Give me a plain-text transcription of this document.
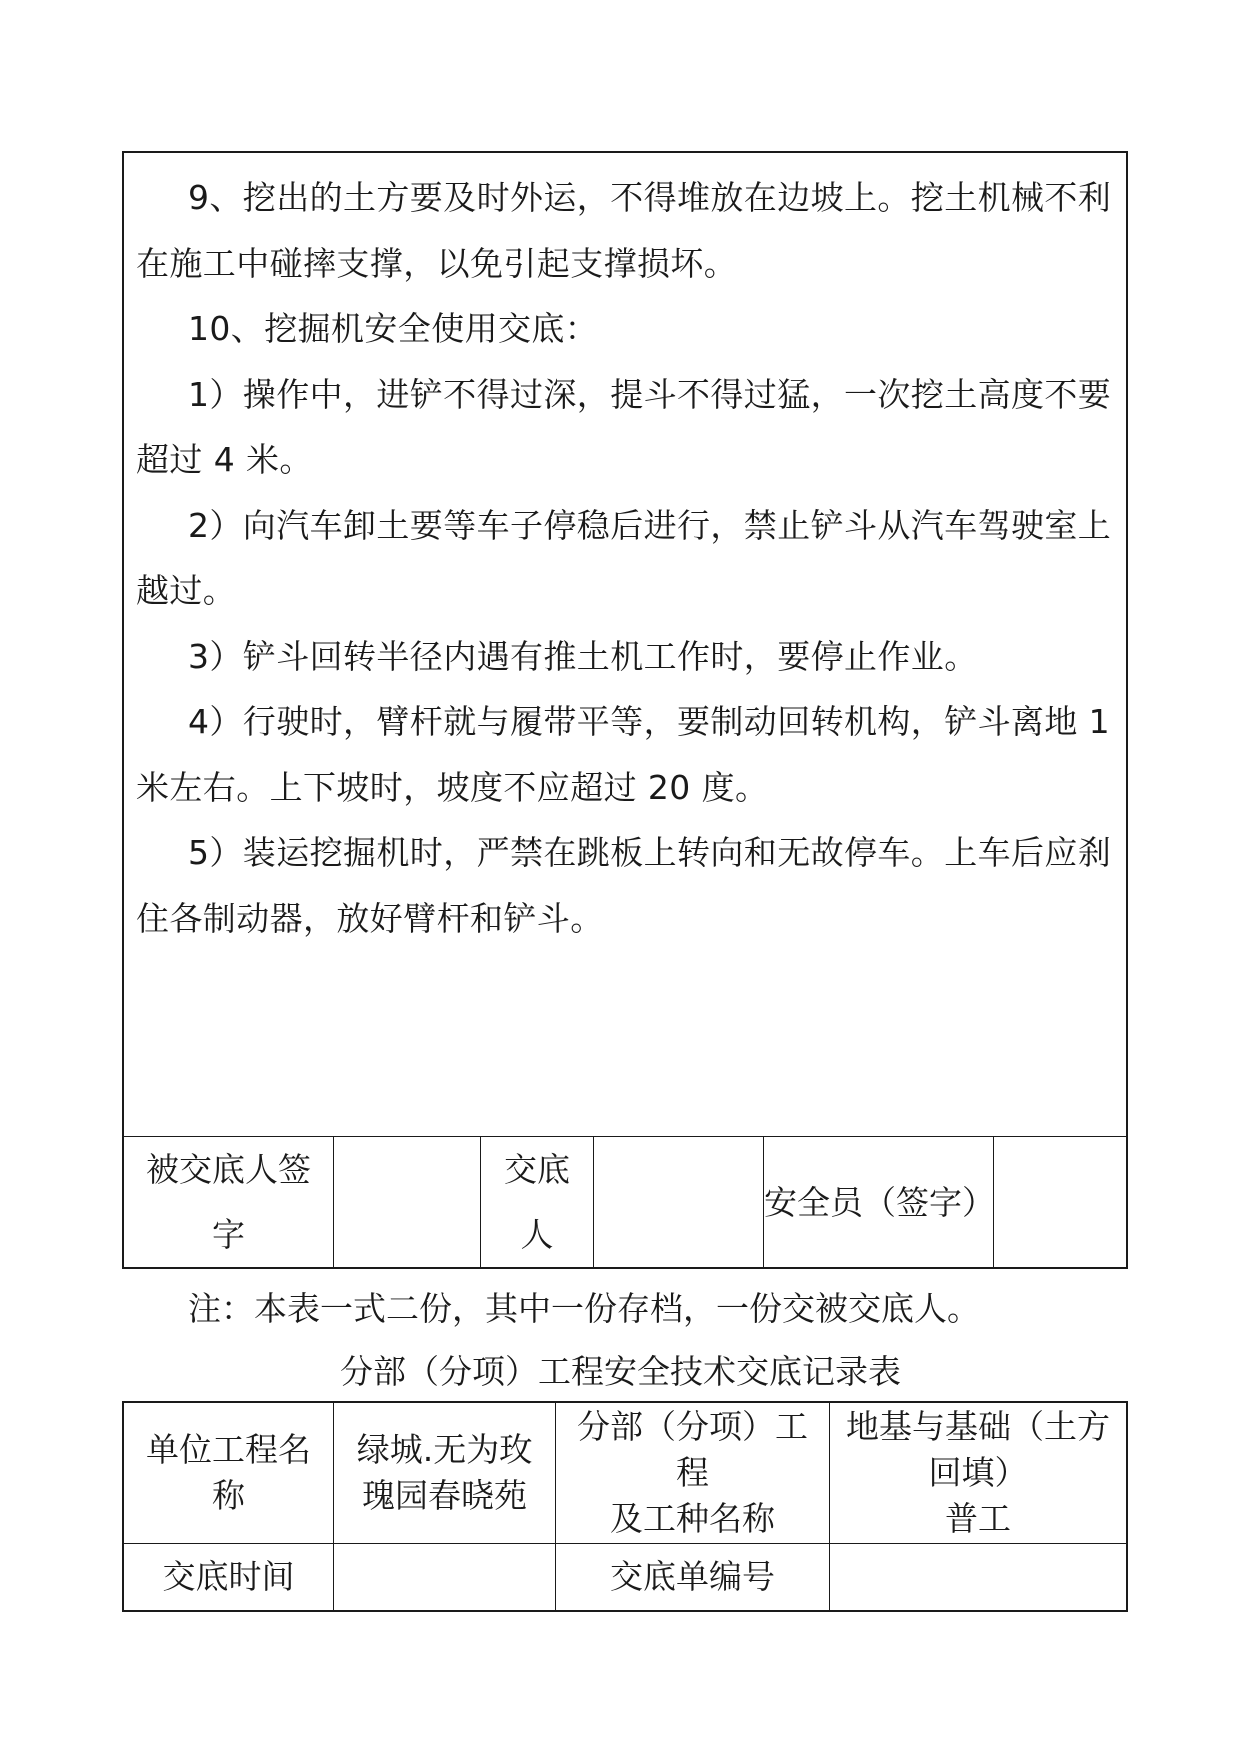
9、挖出的土方要及时外运，不得堆放在边坡上。挖土机械不利在施工中碰摔支撑，以免引起支撑损坏。

10、挖掘机安全使用交底：

1）操作中，进铲不得过深，提斗不得过猛，一次挖土高度不要超过 4 米。

2）向汽车卸土要等车子停稳后进行，禁止铲斗从汽车驾驶室上越过。

3）铲斗回转半径内遇有推土机工作时，要停止作业。

4）行驶时，臂杆就与履带平等，要制动回转机构，铲斗离地 1 米左右。上下坡时，坡度不应超过 20 度。

5）装运挖掘机时，严禁在跳板上转向和无故停车。上车后应刹住各制动器，放好臂杆和铲斗。

被交底人签
字
交底
人
安全员（签字）
注：本表一式二份，其中一份存档，一份交被交底人。
分部（分项）工程安全技术交底记录表
单位工程名
称
绿城.无为玫
瑰园春晓苑
分部（分项）工
程
及工种名称
地基与基础（土方
回填）
普工
交底时间	交底单编号
